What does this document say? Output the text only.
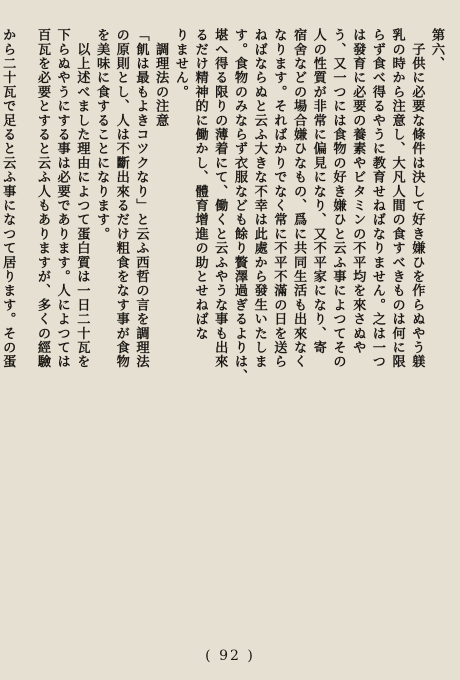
第六、
　子供に必要な條件は決して好き嫌ひを作らぬやう躾
乳の時から注意し、大凡人間の食すべきものは何に限
らず食べ得るやうに教育せねばなりません。之は一つ
は發育に必要の養素やビタミンの不平均を來さぬや
う、又一つには食物の好き嫌ひと云ふ事によつてその
人の性質が非常に偏見になり、又不平家になり、寄
宿舍などの場合嫌ひなもの、爲に共同生活も出來なく
なります。そればかりでなく常に不平不滿の日を送ら
ねばならぬと云ふ大きな不幸は此處から發生いたしま
す。食物のみならず衣服なども餘り贅澤過ぎるよりは、
堪へ得る限りの薄着にて、働くと云ふやうな事も出來
るだけ精神的に働かし、體育增進の助とせねばな
りません。
　調理法の注意
「飢は最もよきコツクなり」と云ふ西哲の言を調理法
の原則とし、人は不斷出來るだけ粗食をなす事が食物
を美味に食することになります。
　以上述べました理由によつて蛋白質は一日二十瓦を
下らぬやうにする事は必要であります。人によつては
百瓦を必要とすると云ふ人もありますが、多くの經驗
から二十瓦で足ると云ふ事になつて居ります。その蛋
( 92 )
